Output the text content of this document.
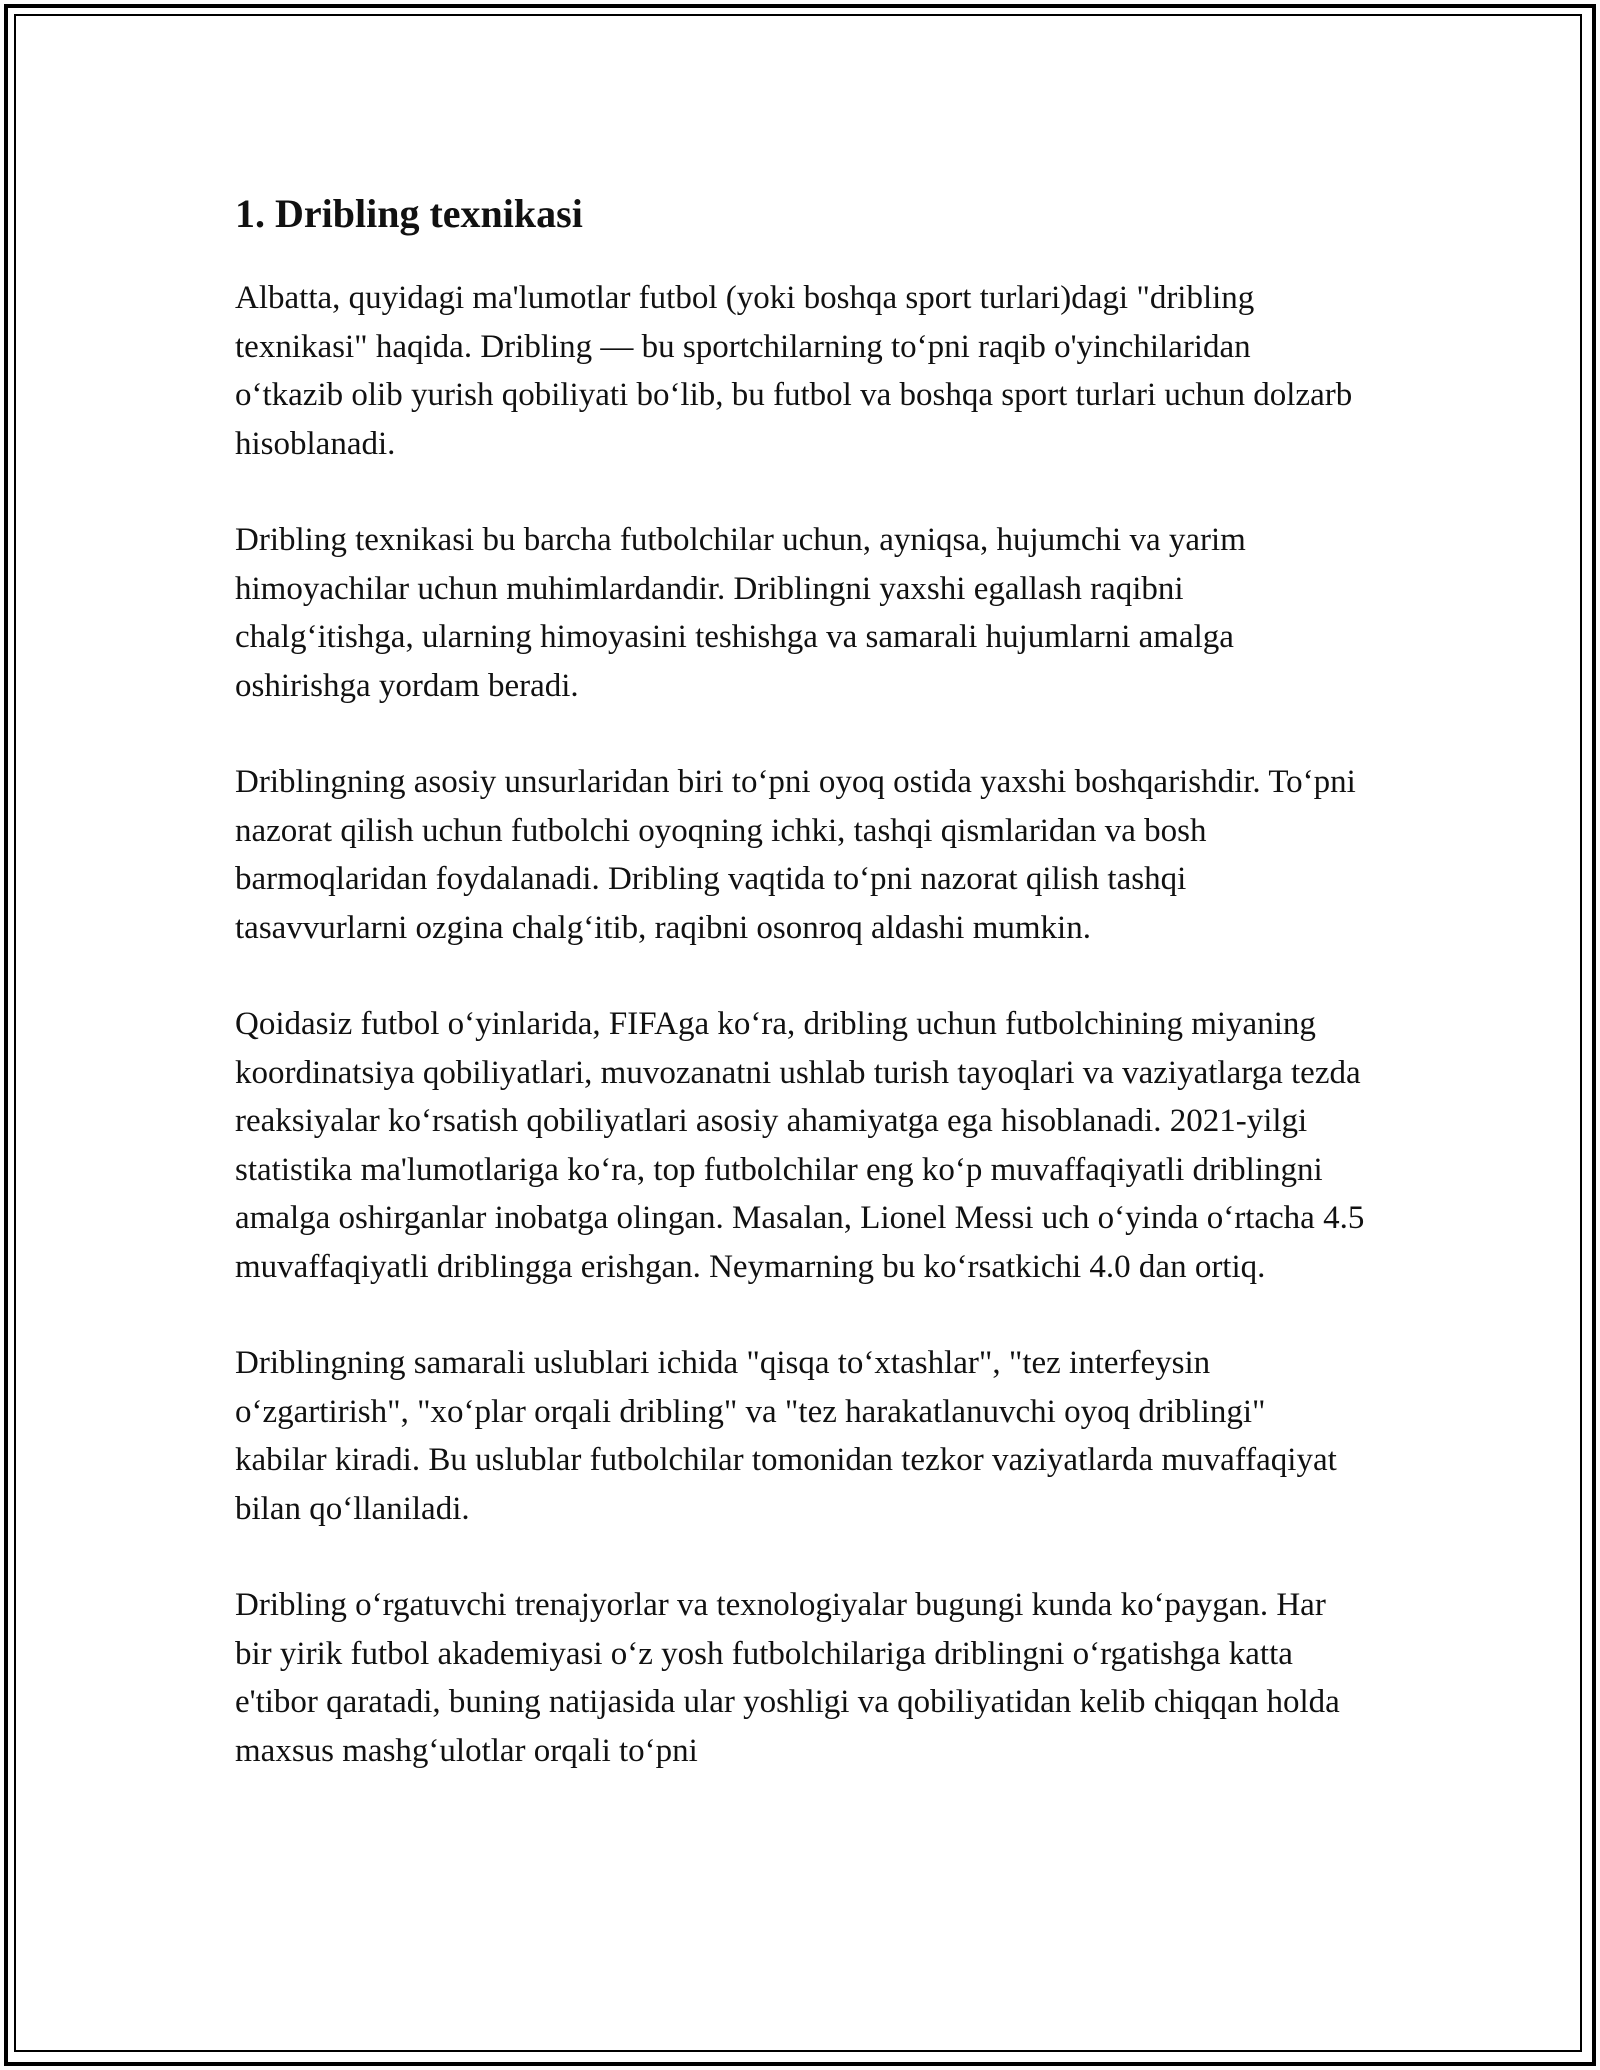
1. Dribling texnikasi

Albatta, quyidagi ma'lumotlar futbol (yoki boshqa sport turlari)dagi "dribling texnikasi" haqida. Dribling — bu sportchilarning to‘pni raqib o'yinchilaridan o‘tkazib olib yurish qobiliyati bo‘lib, bu futbol va boshqa sport turlari uchun dolzarb hisoblanadi.

Dribling texnikasi bu barcha futbolchilar uchun, ayniqsa, hujumchi va yarim himoyachilar uchun muhimlardandir. Driblingni yaxshi egallash raqibni chalg‘itishga, ularning himoyasini teshishga va samarali hujumlarni amalga oshirishga yordam beradi.

Driblingning asosiy unsurlaridan biri to‘pni oyoq ostida yaxshi boshqarishdir. To‘pni nazorat qilish uchun futbolchi oyoqning ichki, tashqi qismlaridan va bosh barmoqlaridan foydalanadi. Dribling vaqtida to‘pni nazorat qilish tashqi tasavvurlarni ozgina chalg‘itib, raqibni osonroq aldashi mumkin.

Qoidasiz futbol o‘yinlarida, FIFAga ko‘ra, dribling uchun futbolchining miyaning koordinatsiya qobiliyatlari, muvozanatni ushlab turish tayoqlari va vaziyatlarga tezda reaksiyalar ko‘rsatish qobiliyatlari asosiy ahamiyatga ega hisoblanadi. 2021-yilgi statistika ma'lumotlariga ko‘ra, top futbolchilar eng ko‘p muvaffaqiyatli driblingni amalga oshirganlar inobatga olingan. Masalan, Lionel Messi uch o‘yinda o‘rtacha 4.5 muvaffaqiyatli driblingga erishgan. Neymarning bu ko‘rsatkichi 4.0 dan ortiq.

Driblingning samarali uslublari ichida "qisqa to‘xtashlar", "tez interfeysin o‘zgartirish", "xo‘plar orqali dribling" va "tez harakatlanuvchi oyoq driblingi" kabilar kiradi. Bu uslublar futbolchilar tomonidan tezkor vaziyatlarda muvaffaqiyat bilan qo‘llaniladi.

Dribling o‘rgatuvchi trenajyorlar va texnologiyalar bugungi kunda ko‘paygan. Har bir yirik futbol akademiyasi o‘z yosh futbolchilariga driblingni o‘rgatishga katta e'tibor qaratadi, buning natijasida ular yoshligi va qobiliyatidan kelib chiqqan holda maxsus mashg‘ulotlar orqali to‘pni
